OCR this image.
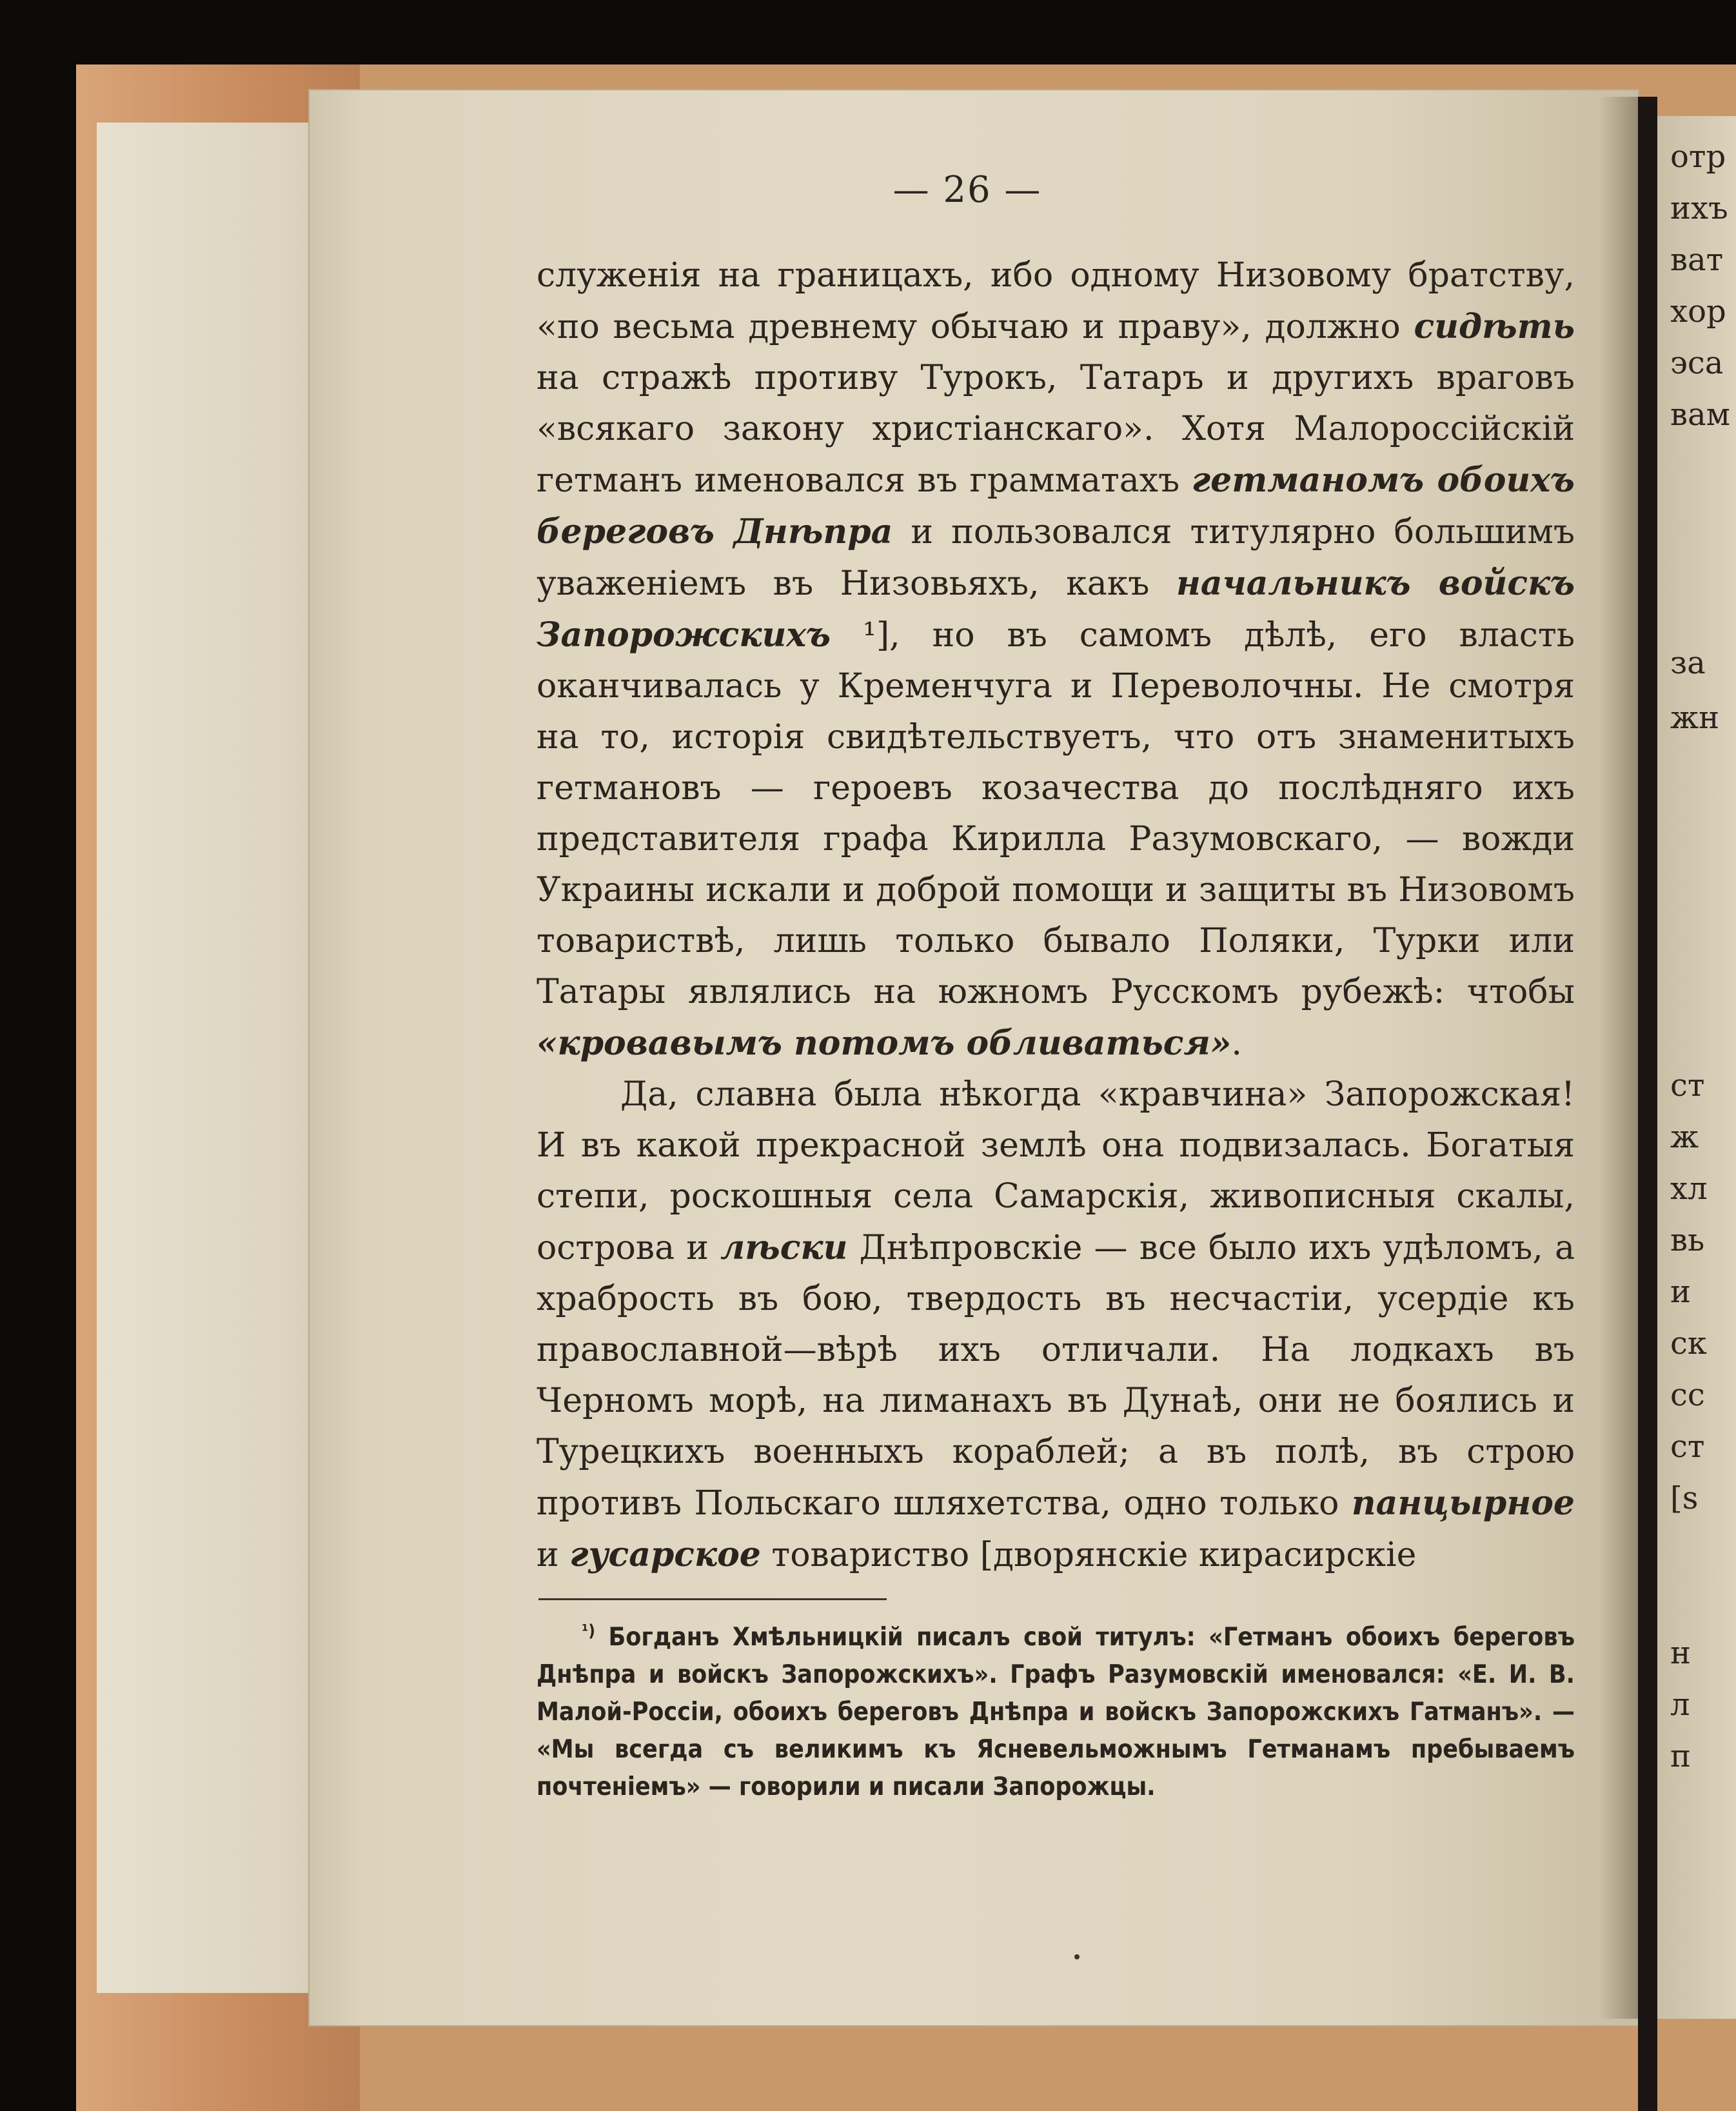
отр
ихъ
ват
хор
эса
вам
за
жн
ст
ж
хл
вь
и
ск
сс
ст
[s
н
л
п
— 26 —

служенія на границахъ, ибо одному Низовому братству, «по весьма древнему обычаю и праву», должно сидѣть на стражѣ противу Турокъ, Татаръ и другихъ враговъ «всякаго закону христіанскаго». Хотя Малороссійскій гетманъ именовался въ грамматахъ гетманомъ обоихъ береговъ Днѣпра и пользовался титулярно большимъ уваженіемъ въ Низовьяхъ, какъ начальникъ войскъ Запорожскихъ ¹], но въ самомъ дѣлѣ, его власть оканчивалась у Кременчуга и Переволочны. Не смотря на то, исторія свидѣтельствуетъ, что отъ знаменитыхъ гетмановъ — героевъ козачества до послѣдняго ихъ представителя графа Кирилла Разумовскаго, — вожди Украины искали и доброй помощи и защиты въ Низовомъ товариствѣ, лишь только бывало Поляки, Турки или Татары являлись на южномъ Русскомъ рубежѣ: чтобы «кровавымъ потомъ обливаться».

Да, славна была нѣкогда «кравчина» Запорожская! И въ какой прекрасной землѣ она подвизалась. Богатыя степи, роскошныя села Самарскія, живописныя скалы, острова и лѣски Днѣпровскіе — все было ихъ удѣломъ, а храбрость въ бою, твердость въ несчастіи, усердіе къ православной—вѣрѣ ихъ отличали. На лодкахъ въ Черномъ морѣ, на лиманахъ въ Дунаѣ, они не боялись и Турецкихъ военныхъ кораблей; а въ полѣ, въ строю противъ Польскаго шляхетства, одно только панцырное и гусарское товариство [дворянскіе кирасирскіе

$^{^1)}$ Богданъ Хмѣльницкій писалъ свой титулъ: «Гетманъ обоихъ береговъ Днѣпра и войскъ Запорожскихъ». Графъ Разумовскій именовался: «Е. И. В. Малой-Россіи, обоихъ береговъ Днѣпра и войскъ Запорожскихъ Гатманъ». — «Мы всегда съ великимъ къ Ясневельможнымъ Гетманамъ пребываемъ почтеніемъ» — говорили и писали Запорожцы.
